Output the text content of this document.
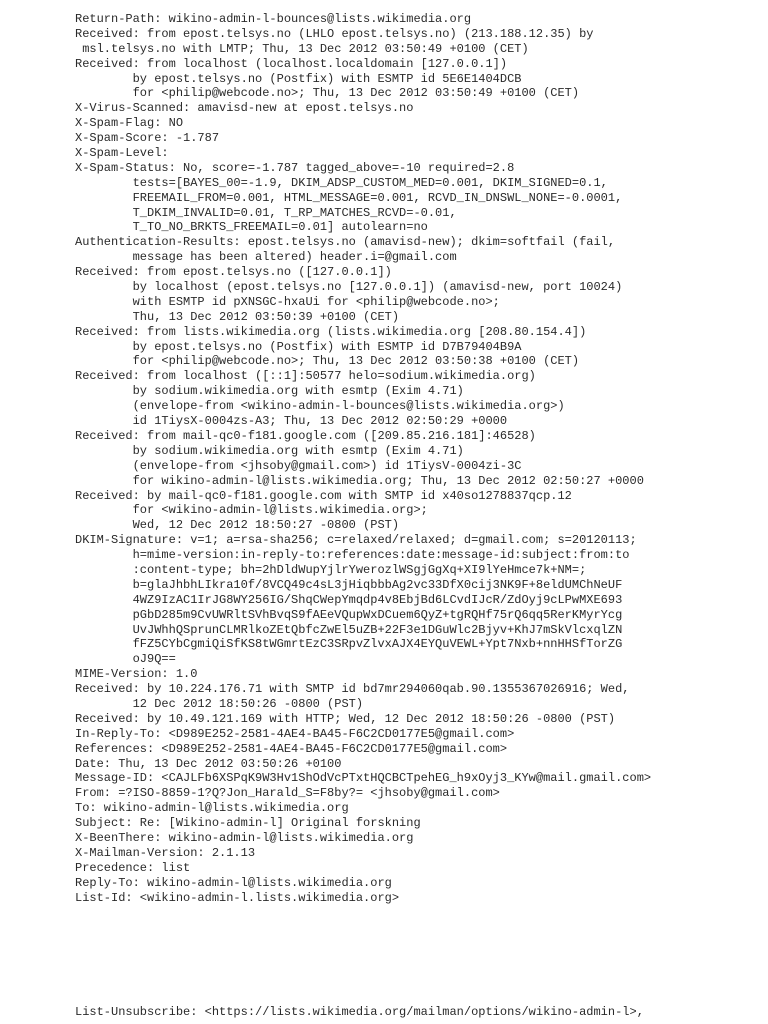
Return-Path: wikino-admin-l-bounces@lists.wikimedia.org
Received: from epost.telsys.no (LHLO epost.telsys.no) (213.188.12.35) by
msl.telsys.no with LMTP; Thu, 13 Dec 2012 03:50:49 +0100 (CET)
Received: from localhost (localhost.localdomain [127.0.0.1])
by epost.telsys.no (Postfix) with ESMTP id 5E6E1404DCB
for <philip@webcode.no>; Thu, 13 Dec 2012 03:50:49 +0100 (CET)
X-Virus-Scanned: amavisd-new at epost.telsys.no
X-Spam-Flag: NO
X-Spam-Score: -1.787
X-Spam-Level:
X-Spam-Status: No, score=-1.787 tagged_above=-10 required=2.8
tests=[BAYES_00=-1.9, DKIM_ADSP_CUSTOM_MED=0.001, DKIM_SIGNED=0.1,
FREEMAIL_FROM=0.001, HTML_MESSAGE=0.001, RCVD_IN_DNSWL_NONE=-0.0001,
T_DKIM_INVALID=0.01, T_RP_MATCHES_RCVD=-0.01,
T_TO_NO_BRKTS_FREEMAIL=0.01] autolearn=no
Authentication-Results: epost.telsys.no (amavisd-new); dkim=softfail (fail,
message has been altered) header.i=@gmail.com
Received: from epost.telsys.no ([127.0.0.1])
by localhost (epost.telsys.no [127.0.0.1]) (amavisd-new, port 10024)
with ESMTP id pXNSGC-hxaUi for <philip@webcode.no>;
Thu, 13 Dec 2012 03:50:39 +0100 (CET)
Received: from lists.wikimedia.org (lists.wikimedia.org [208.80.154.4])
by epost.telsys.no (Postfix) with ESMTP id D7B79404B9A
for <philip@webcode.no>; Thu, 13 Dec 2012 03:50:38 +0100 (CET)
Received: from localhost ([::1]:50577 helo=sodium.wikimedia.org)
by sodium.wikimedia.org with esmtp (Exim 4.71)
(envelope-from <wikino-admin-l-bounces@lists.wikimedia.org>)
id 1TiysX-0004zs-A3; Thu, 13 Dec 2012 02:50:29 +0000
Received: from mail-qc0-f181.google.com ([209.85.216.181]:46528)
by sodium.wikimedia.org with esmtp (Exim 4.71)
(envelope-from <jhsoby@gmail.com>) id 1TiysV-0004zi-3C
for wikino-admin-l@lists.wikimedia.org; Thu, 13 Dec 2012 02:50:27 +0000
Received: by mail-qc0-f181.google.com with SMTP id x40so1278837qcp.12
for <wikino-admin-l@lists.wikimedia.org>;
Wed, 12 Dec 2012 18:50:27 -0800 (PST)
DKIM-Signature: v=1; a=rsa-sha256; c=relaxed/relaxed; d=gmail.com; s=20120113;
h=mime-version:in-reply-to:references:date:message-id:subject:from:to
:content-type; bh=2hDldWupYjlrYwerozlWSgjGgXq+XI9lYeHmce7k+NM=;
b=glaJhbhLIkra10f/8VCQ49c4sL3jHiqbbbAg2vc33DfX0cij3NK9F+8eldUMChNeUF
4WZ9IzAC1IrJG8WY256IG/ShqCWepYmqdp4v8EbjBd6LCvdIJcR/ZdOyj9cLPwMXE693
pGbD285m9CvUWRltSVhBvqS9fAEeVQupWxDCuem6QyZ+tgRQHf75rQ6qq5RerKMyrYcg
UvJWhhQSprunCLMRlkoZEtQbfcZwEl5uZB+22F3e1DGuWlc2Bjyv+KhJ7mSkVlcxqlZN
fFZ5CYbCgmiQiSfKS8tWGmrtEzC3SRpvZlvxAJX4EYQuVEWL+Ypt7Nxb+nnHHSfTorZG
oJ9Q==
MIME-Version: 1.0
Received: by 10.224.176.71 with SMTP id bd7mr294060qab.90.1355367026916; Wed,
12 Dec 2012 18:50:26 -0800 (PST)
Received: by 10.49.121.169 with HTTP; Wed, 12 Dec 2012 18:50:26 -0800 (PST)
In-Reply-To: <D989E252-2581-4AE4-BA45-F6C2CD0177E5@gmail.com>
References: <D989E252-2581-4AE4-BA45-F6C2CD0177E5@gmail.com>
Date: Thu, 13 Dec 2012 03:50:26 +0100
Message-ID: <CAJLFb6XSPqK9W3Hv1ShOdVcPTxtHQCBCTpehEG_h9xOyj3_KYw@mail.gmail.com>
From: =?ISO-8859-1?Q?Jon_Harald_S=F8by?= <jhsoby@gmail.com>
To: wikino-admin-l@lists.wikimedia.org
Subject: Re: [Wikino-admin-l] Original forskning
X-BeenThere: wikino-admin-l@lists.wikimedia.org
X-Mailman-Version: 2.1.13
Precedence: list
Reply-To: wikino-admin-l@lists.wikimedia.org
List-Id: <wikino-admin-l.lists.wikimedia.org>
List-Unsubscribe: <https://lists.wikimedia.org/mailman/options/wikino-admin-l>,
